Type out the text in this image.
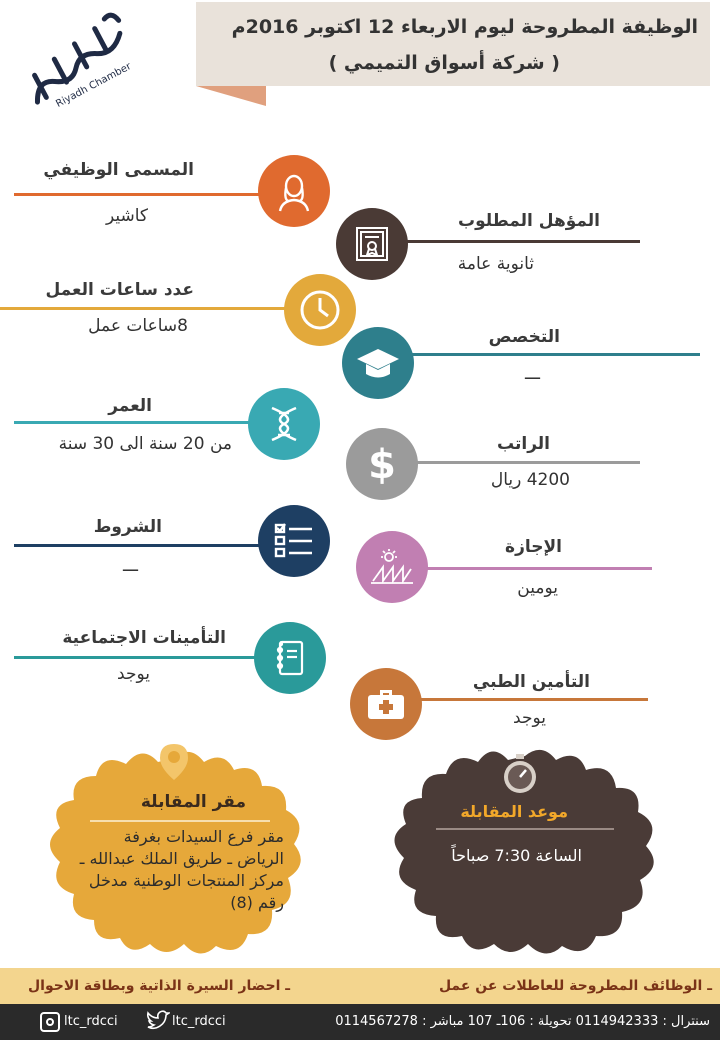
Riyadh Chamber
الوظيفة المطروحة ليوم الاربعاء 12 اكتوبر 2016م
( شركة أسواق التميمي )
المسمى الوظيفي
كاشير	المؤهل المطلوب
ثانوية عامة
عدد ساعات العمل
8ساعات عمل
التخصص
ـــ
العمر
من 20 سنة الى 30 سنة	الراتب
4200 ريال
$
الشروط
ـــ
الإجازة
يومين
التأمينات الاجتماعية
يوجد	التأمين الطبي
يوجد
مقر المقابلة
مقر فرع السيدات بغرفة
الرياض ـ طريق الملك عبدالله ـ
مركز المنتجات الوطنية مدخل
رقم (8)
موعد المقابلة
الساعة 7:30 صباحاً
ـ احضار السيرة الذاتية وبطاقة الاحوال	ـ الوظائف المطروحة للعاطلات عن عمل
ltc_rdcci	ltc_rdcci	سنترال : 0114942333 تحويلة : 106ـ 107 مباشر : 0114567278
